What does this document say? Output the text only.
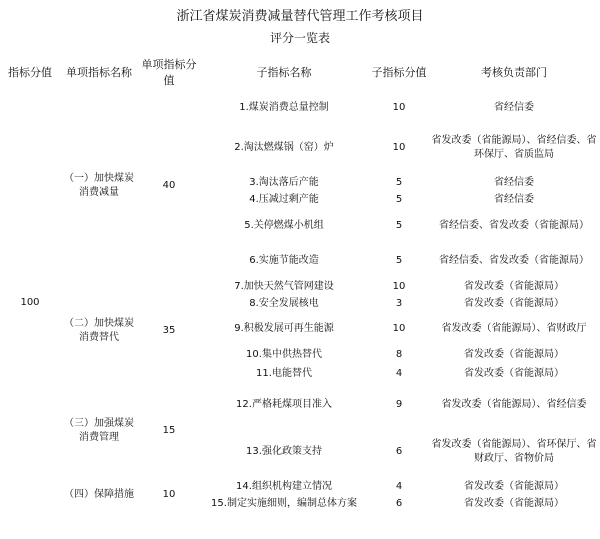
浙江省煤炭消费减量替代管理工作考核项目
评分一览表
指标分值	单项指标名称	单项指标分值	子指标名称	子指标分值	考核负责部门
100	（一）加快煤炭消费减量	40	1.煤炭消费总量控制	10	省经信委
			2.淘汰燃煤锅（窑）炉	10	省发改委（省能源局）、省经信委、省环保厅、省质监局
			3.淘汰落后产能	5	省经信委
			4.压减过剩产能	5	省经信委
			5.关停燃煤小机组	5	省经信委、省发改委（省能源局）
			6.实施节能改造	5	省经信委、省发改委（省能源局）
	（二）加快煤炭消费替代	35	7.加快天然气管网建设	10	省发改委（省能源局）
			8.安全发展核电	3	省发改委（省能源局）
			9.积极发展可再生能源	10	省发改委（省能源局）、省财政厅
			10.集中供热替代	8	省发改委（省能源局）
			11.电能替代	4	省发改委（省能源局）
	（三）加强煤炭消费管理	15	12.严格耗煤项目准入	9	省发改委（省能源局）、省经信委
			13.强化政策支持	6	省发改委（省能源局）、省环保厅、省财政厅、省物价局
	（四）保障措施	10	14.组织机构建立情况	4	省发改委（省能源局）
			15.制定实施细则，编制总体方案	6	省发改委（省能源局）
